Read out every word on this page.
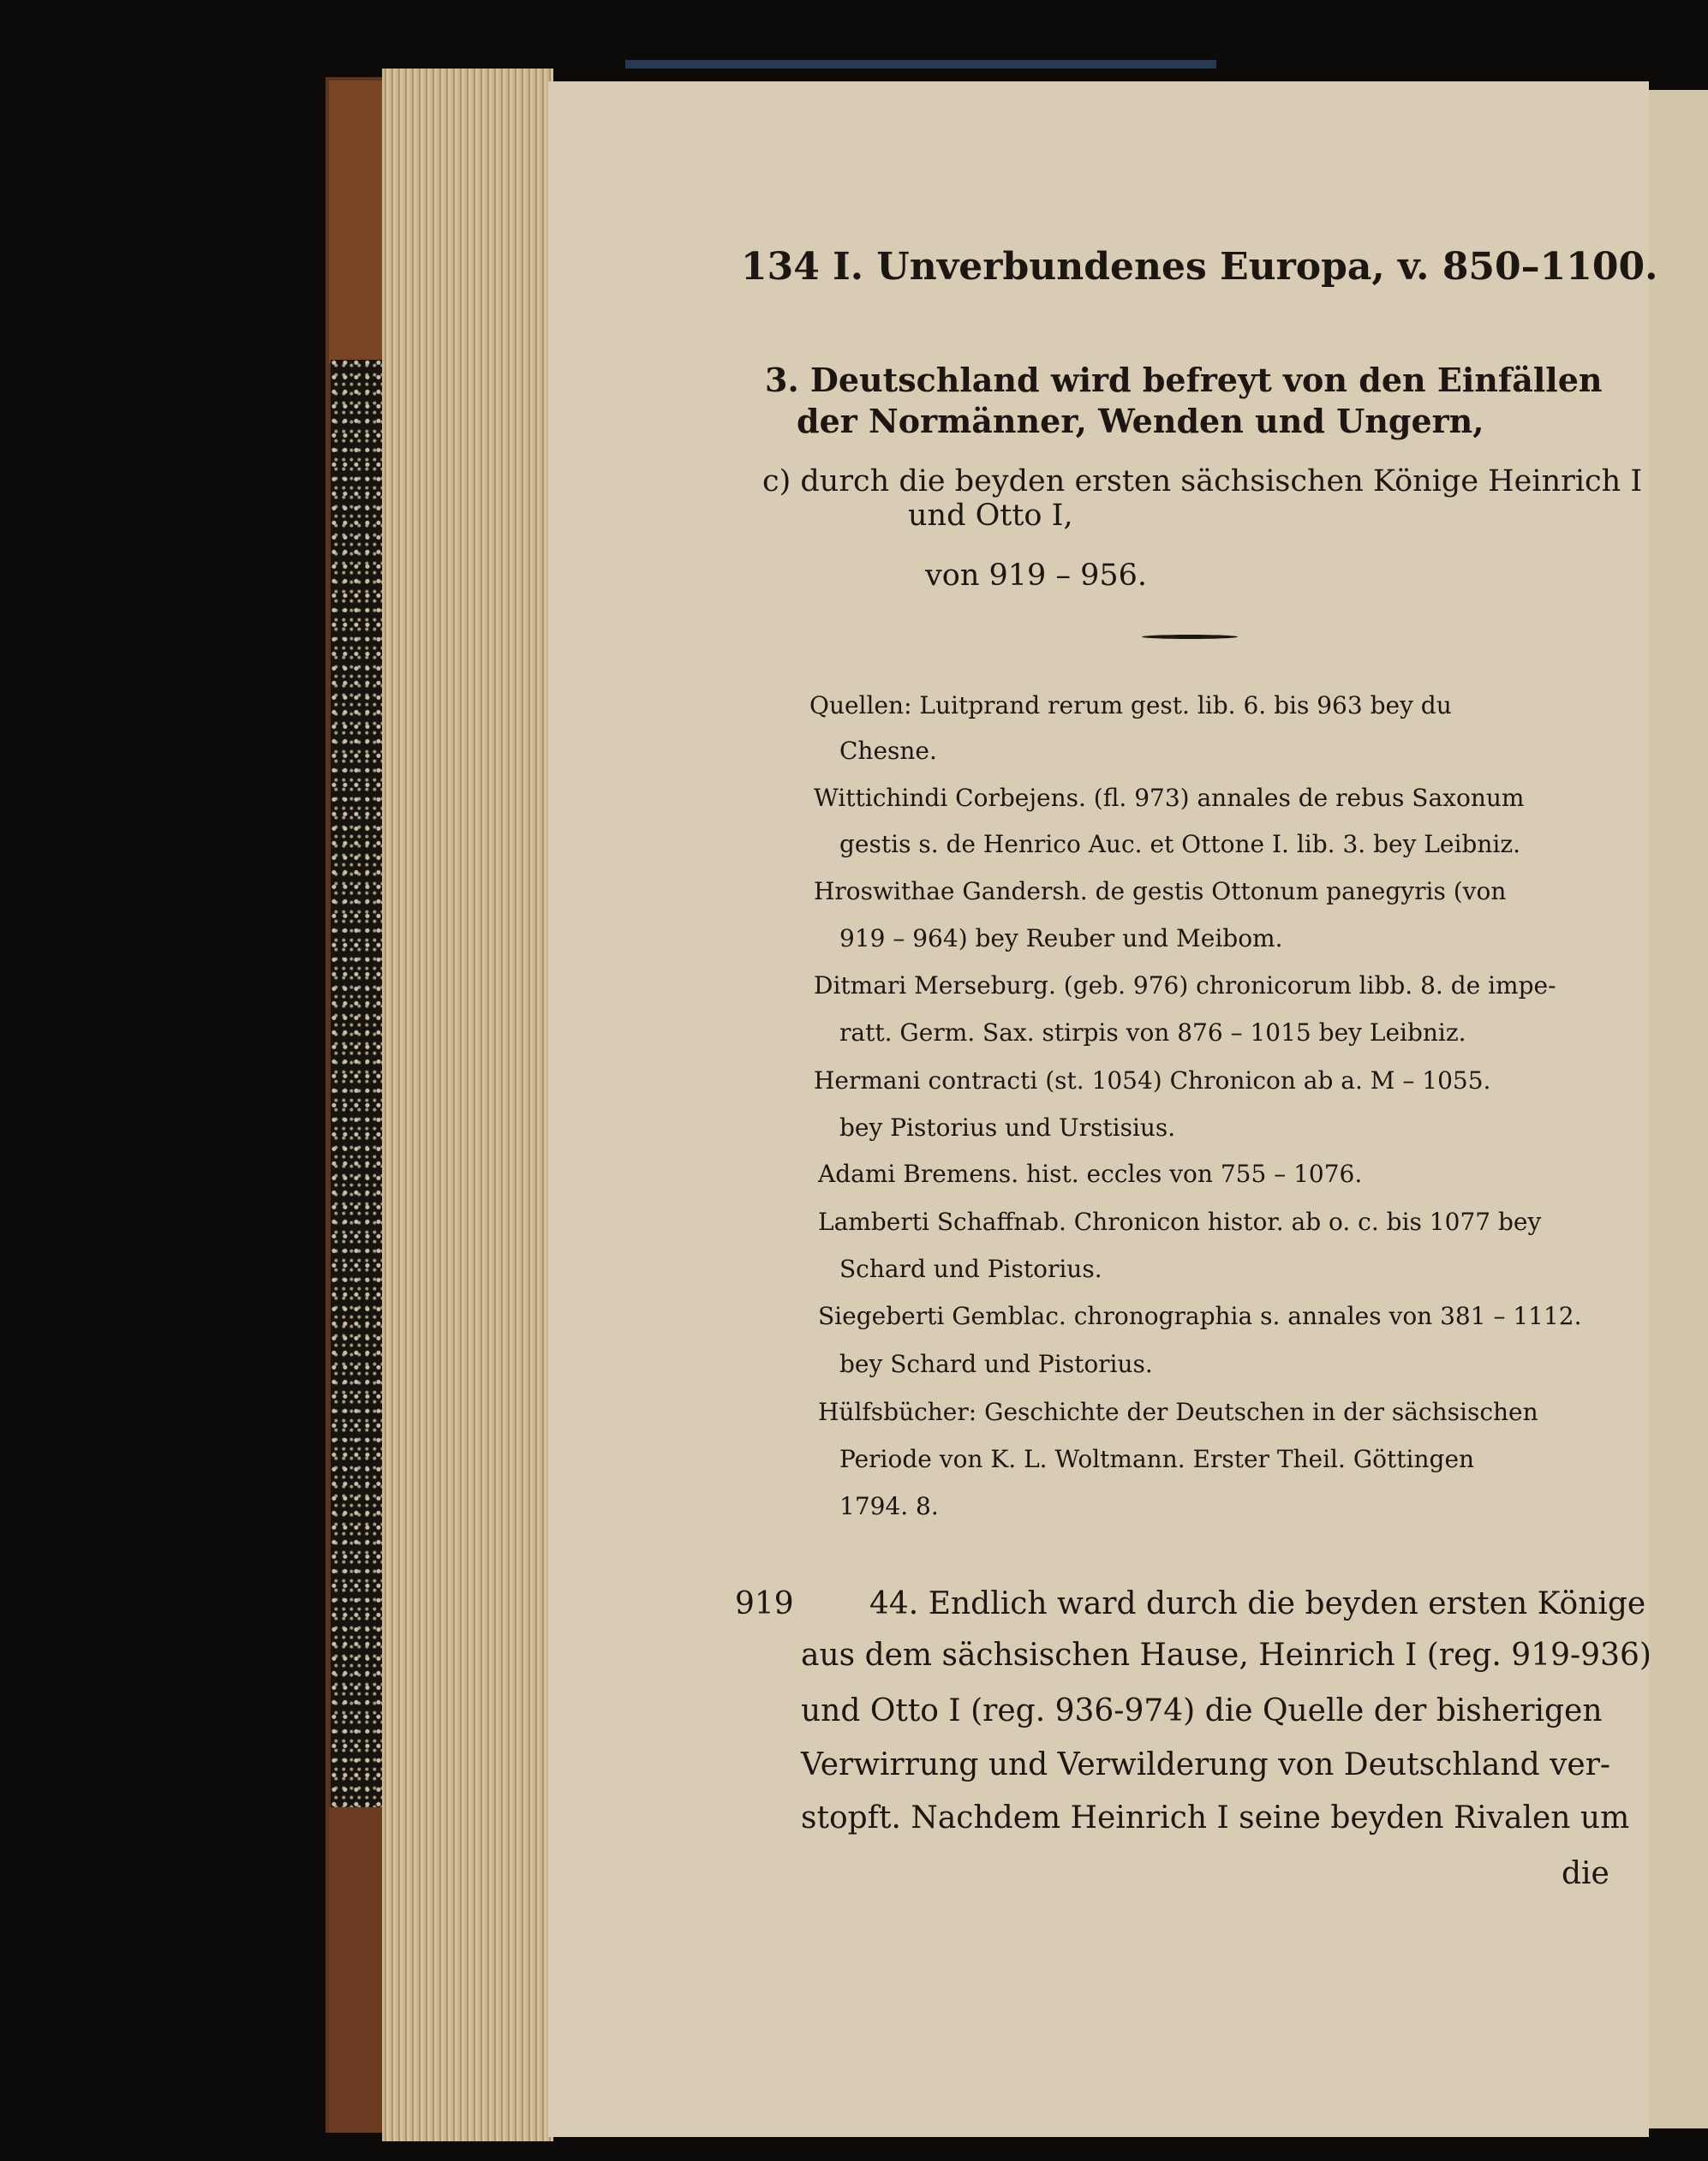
134 I. Unverbundenes Europa, v. 850–1100.
3. Deutschland wird befreyt von den Einfällen
der Normänner, Wenden und Ungern,
c) durch die beyden ersten sächsischen Könige Heinrich I
und Otto I,
von 919 – 956.
Quellen: Luitprand rerum gest. lib. 6. bis 963 bey du
Chesne.
Wittichindi Corbejens. (fl. 973) annales de rebus Saxonum
gestis s. de Henrico Auc. et Ottone I. lib. 3. bey Leibniz.
Hroswithae Gandersh. de gestis Ottonum panegyris (von
919 – 964) bey Reuber und Meibom.
Ditmari Merseburg. (geb. 976) chronicorum libb. 8. de impe-
ratt. Germ. Sax. stirpis von 876 – 1015 bey Leibniz.
Hermani contracti (st. 1054) Chronicon ab a. M – 1055.
bey Pistorius und Urstisius.
Adami Bremens. hist. eccles von 755 – 1076.
Lamberti Schaffnab. Chronicon histor. ab o. c. bis 1077 bey
Schard und Pistorius.
Siegeberti Gemblac. chronographia s. annales von 381 – 1112.
bey Schard und Pistorius.
Hülfsbücher: Geschichte der Deutschen in der sächsischen
Periode von K. L. Woltmann. Erster Theil. Göttingen
1794. 8.
919 44. Endlich ward durch die beyden ersten Könige
aus dem sächsischen Hause, Heinrich I (reg. 919-936)
und Otto I (reg. 936-974) die Quelle der bisherigen
Verwirrung und Verwilderung von Deutschland ver-
stopft. Nachdem Heinrich I seine beyden Rivalen um
die
